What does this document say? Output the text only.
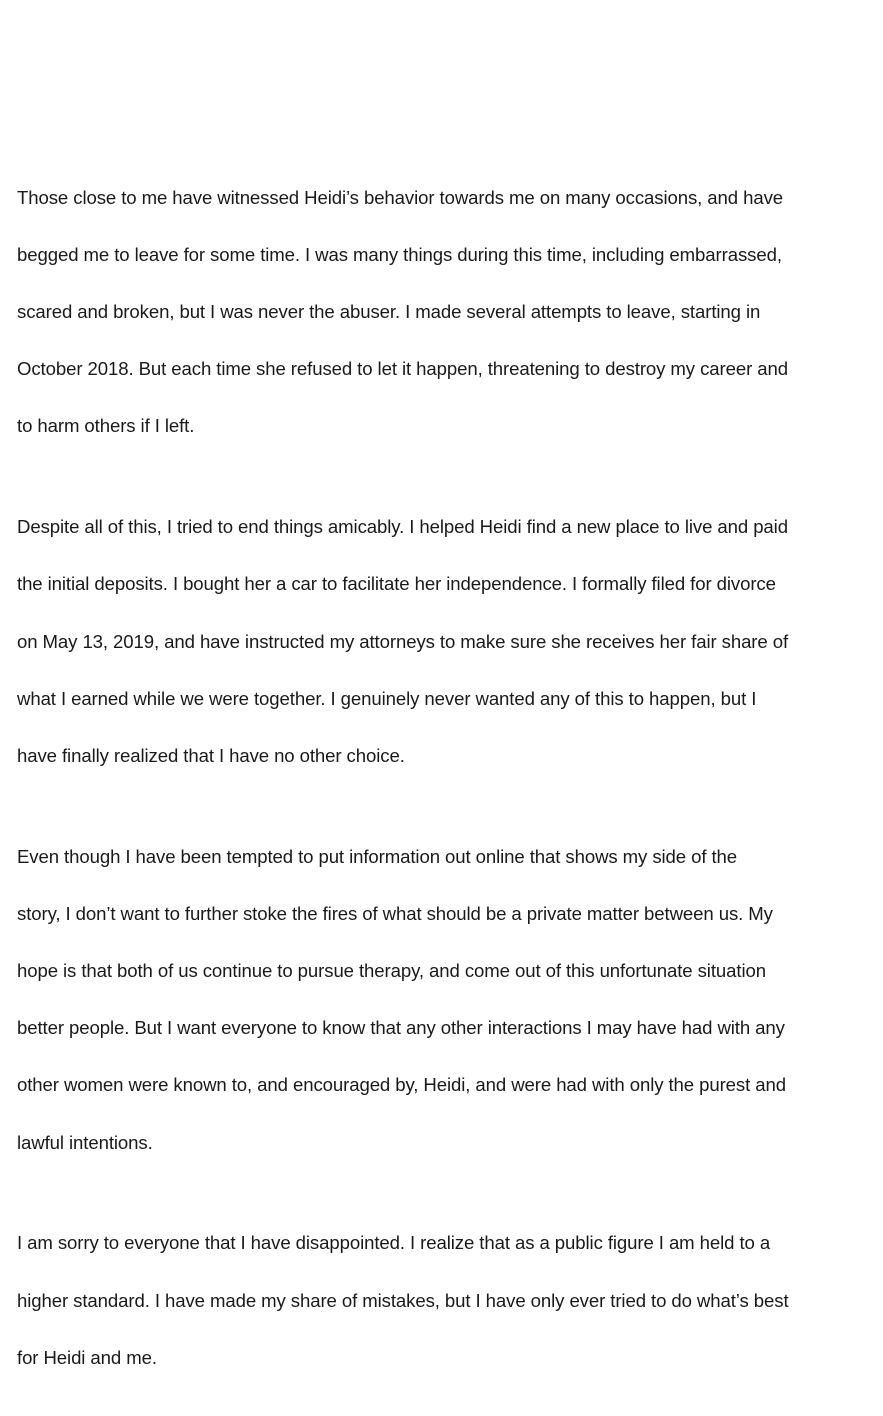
Those close to me have witnessed Heidi’s behavior towards me on many occasions, and have

begged me to leave for some time. I was many things during this time, including embarrassed,

scared and broken, but I was never the abuser. I made several attempts to leave, starting in

October 2018. But each time she refused to let it happen, threatening to destroy my career and

to harm others if I left.

Despite all of this, I tried to end things amicably. I helped Heidi find a new place to live and paid

the initial deposits. I bought her a car to facilitate her independence. I formally filed for divorce

on May 13, 2019, and have instructed my attorneys to make sure she receives her fair share of

what I earned while we were together. I genuinely never wanted any of this to happen, but I

have finally realized that I have no other choice.

Even though I have been tempted to put information out online that shows my side of the

story, I don’t want to further stoke the fires of what should be a private matter between us. My

hope is that both of us continue to pursue therapy, and come out of this unfortunate situation

better people. But I want everyone to know that any other interactions I may have had with any

other women were known to, and encouraged by, Heidi, and were had with only the purest and

lawful intentions.

I am sorry to everyone that I have disappointed. I realize that as a public figure I am held to a

higher standard. I have made my share of mistakes, but I have only ever tried to do what’s best

for Heidi and me.
